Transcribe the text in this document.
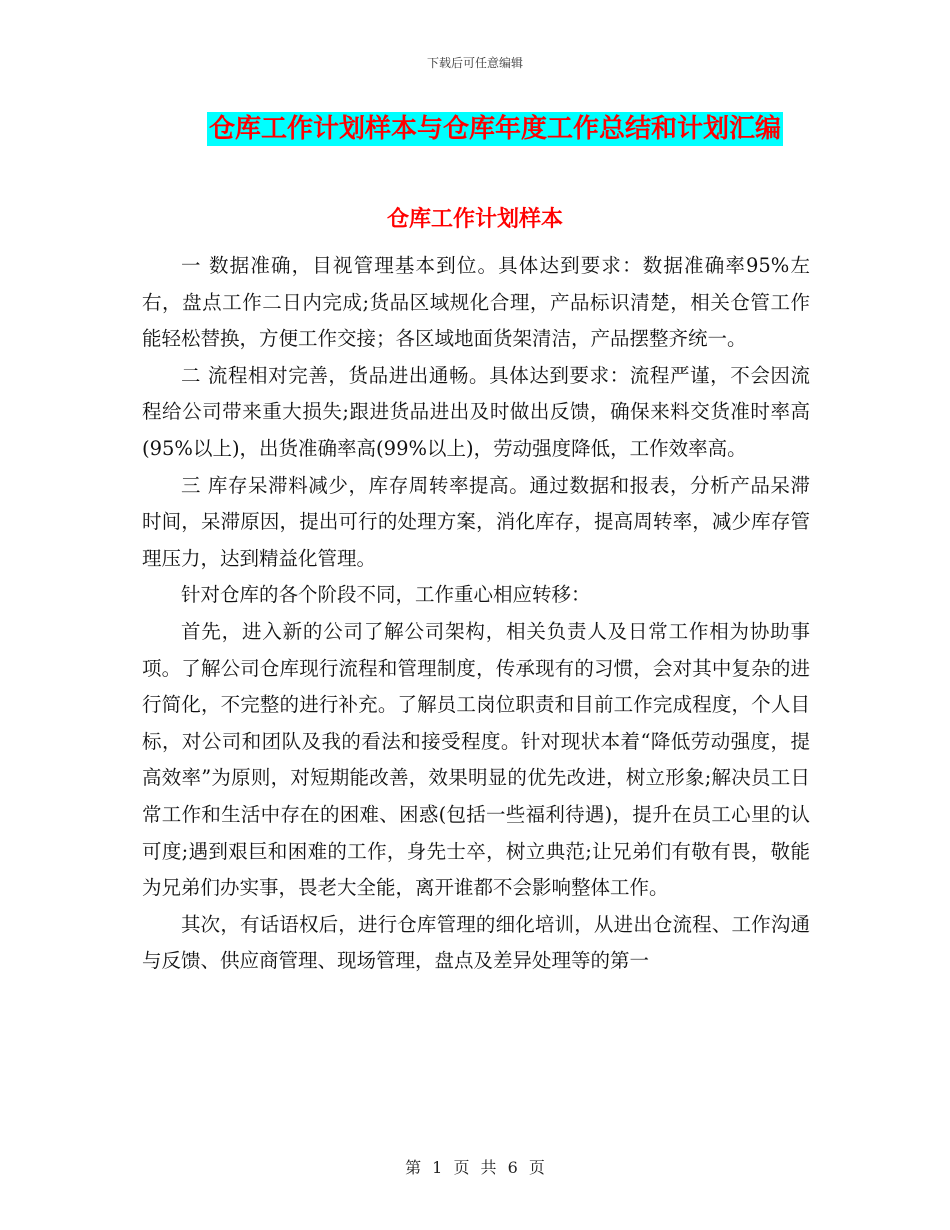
下载后可任意编辑
仓库工作计划样本与仓库年度工作总结和计划汇编
仓库工作计划样本

一 数据准确，目视管理基本到位。具体达到要求：数据准确率95%左右，盘点工作二日内完成;货品区域规化合理，产品标识清楚，相关仓管工作能轻松替换，方便工作交接；各区域地面货架清洁，产品摆整齐统一。

二 流程相对完善，货品进出通畅。具体达到要求：流程严谨，不会因流程给公司带来重大损失;跟进货品进出及时做出反馈，确保来料交货准时率高(95%以上)，出货准确率高(99%以上)，劳动强度降低，工作效率高。

三 库存呆滞料减少，库存周转率提高。通过数据和报表，分析产品呆滞时间，呆滞原因，提出可行的处理方案，消化库存，提高周转率，减少库存管理压力，达到精益化管理。

针对仓库的各个阶段不同，工作重心相应转移：

首先，进入新的公司了解公司架构，相关负责人及日常工作相为协助事项。了解公司仓库现行流程和管理制度，传承现有的习惯，会对其中复杂的进行简化，不完整的进行补充。了解员工岗位职责和目前工作完成程度，个人目标，对公司和团队及我的看法和接受程度。针对现状本着“降低劳动强度，提高效率”为原则，对短期能改善，效果明显的优先改进，树立形象;解决员工日常工作和生活中存在的困难、困惑(包括一些福利待遇)，提升在员工心里的认可度;遇到艰巨和困难的工作，身先士卒，树立典范;让兄弟们有敬有畏，敬能为兄弟们办实事，畏老大全能，离开谁都不会影响整体工作。

其次，有话语权后，进行仓库管理的细化培训，从进出仓流程、工作沟通与反馈、供应商管理、现场管理，盘点及差异处理等的第一

第 1 页 共 6 页
